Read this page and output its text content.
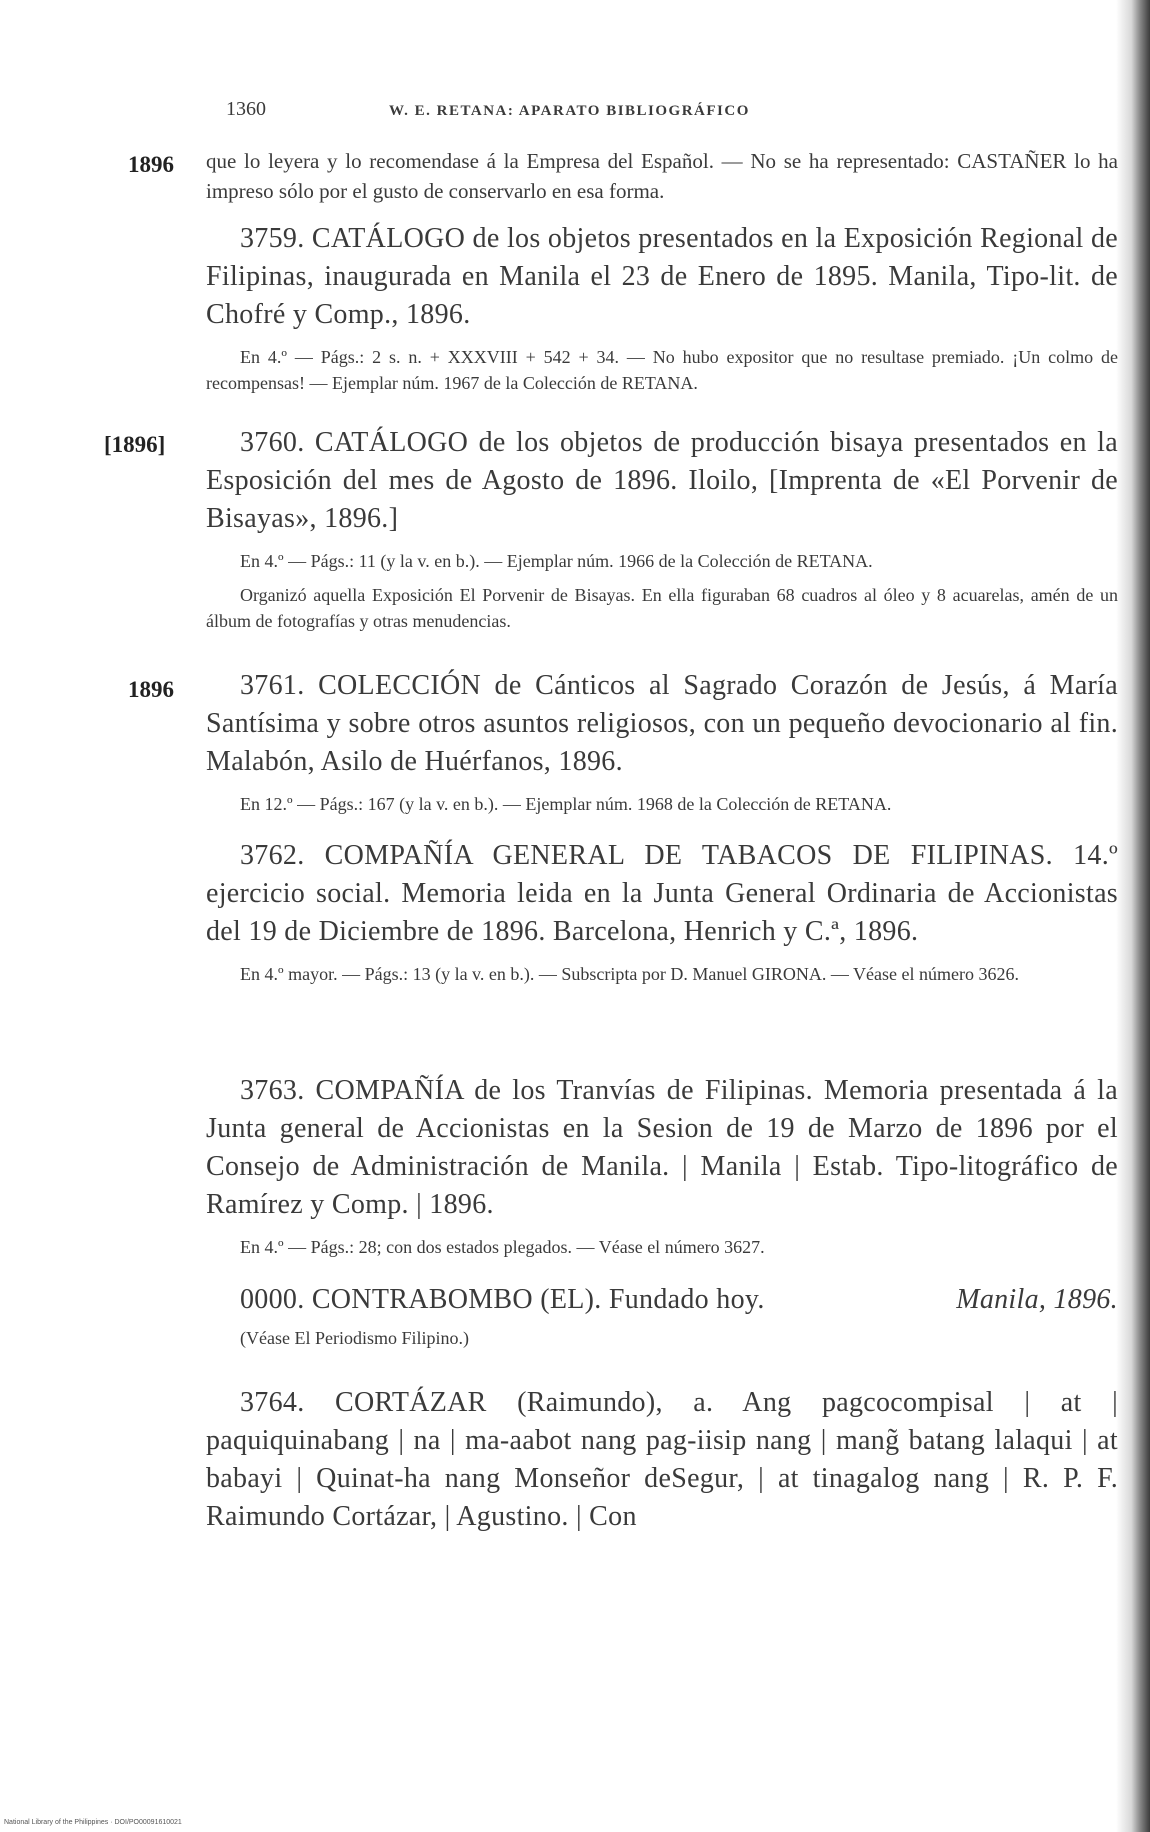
1360	W. E. RETANA: APARATO BIBLIOGRÁFICO
1896 que lo leyera y lo recomendase á la Empresa del Español. — No se ha representado: CASTAÑER lo ha impreso sólo por el gusto de conservarlo en esa forma.

3759. CATÁLOGO de los objetos presentados en la Exposición Regional de Filipinas, inaugurada en Manila el 23 de Enero de 1895. Manila, Tipo-lit. de Chofré y Comp., 1896.

En 4.º — Págs.: 2 s. n. + XXXVIII + 542 + 34. — No hubo expositor que no resultase premiado. ¡Un colmo de recompensas! — Ejemplar núm. 1967 de la Colección de RETANA.

[1896]	3760. CATÁLOGO de los objetos de producción bisaya presentados en la Esposición del mes de Agosto de 1896. Iloilo, [Imprenta de «El Porvenir de Bisayas», 1896.]

En 4.º — Págs.: 11 (y la v. en b.). — Ejemplar núm. 1966 de la Colección de RETANA.

Organizó aquella Exposición El Porvenir de Bisayas. En ella figuraban 68 cuadros al óleo y 8 acuarelas, amén de un álbum de fotografías y otras menudencias.

1896	3761. COLECCIÓN de Cánticos al Sagrado Corazón de Jesús, á María Santísima y sobre otros asuntos religiosos, con un pequeño devocionario al fin. Malabón, Asilo de Huérfanos, 1896.

En 12.º — Págs.: 167 (y la v. en b.). — Ejemplar núm. 1968 de la Colección de RETANA.

3762. COMPAÑÍA GENERAL DE TABACOS DE FILIPINAS. 14.º ejercicio social. Memoria leida en la Junta General Ordinaria de Accionistas del 19 de Diciembre de 1896. Barcelona, Henrich y C.ª, 1896.

En 4.º mayor. — Págs.: 13 (y la v. en b.). — Subscripta por D. Manuel GIRONA. — Véase el número 3626.

3763. COMPAÑÍA de los Tranvías de Filipinas. Memoria presentada á la Junta general de Accionistas en la Sesion de 19 de Marzo de 1896 por el Consejo de Administración de Manila. | Manila | Estab. Tipo-litográfico de Ramírez y Comp. | 1896.

En 4.º — Págs.: 28; con dos estados plegados. — Véase el número 3627.

0000. CONTRABOMBO (EL). Fundado hoy.	Manila, 1896.

(Véase El Periodismo Filipino.)

3764. CORTÁZAR (Raimundo), a. Ang pagcocompisal | at | paquiquinabang | na | ma-aabot nang pag-iisip nang | mang̃ batang lalaqui | at babayi | Quinat-ha nang Monseñor deSegur, | at tinagalog nang | R. P. F. Raimundo Cortázar, | Agustino. | Con

National Library of the Philippines · DOI/PO00091610021
